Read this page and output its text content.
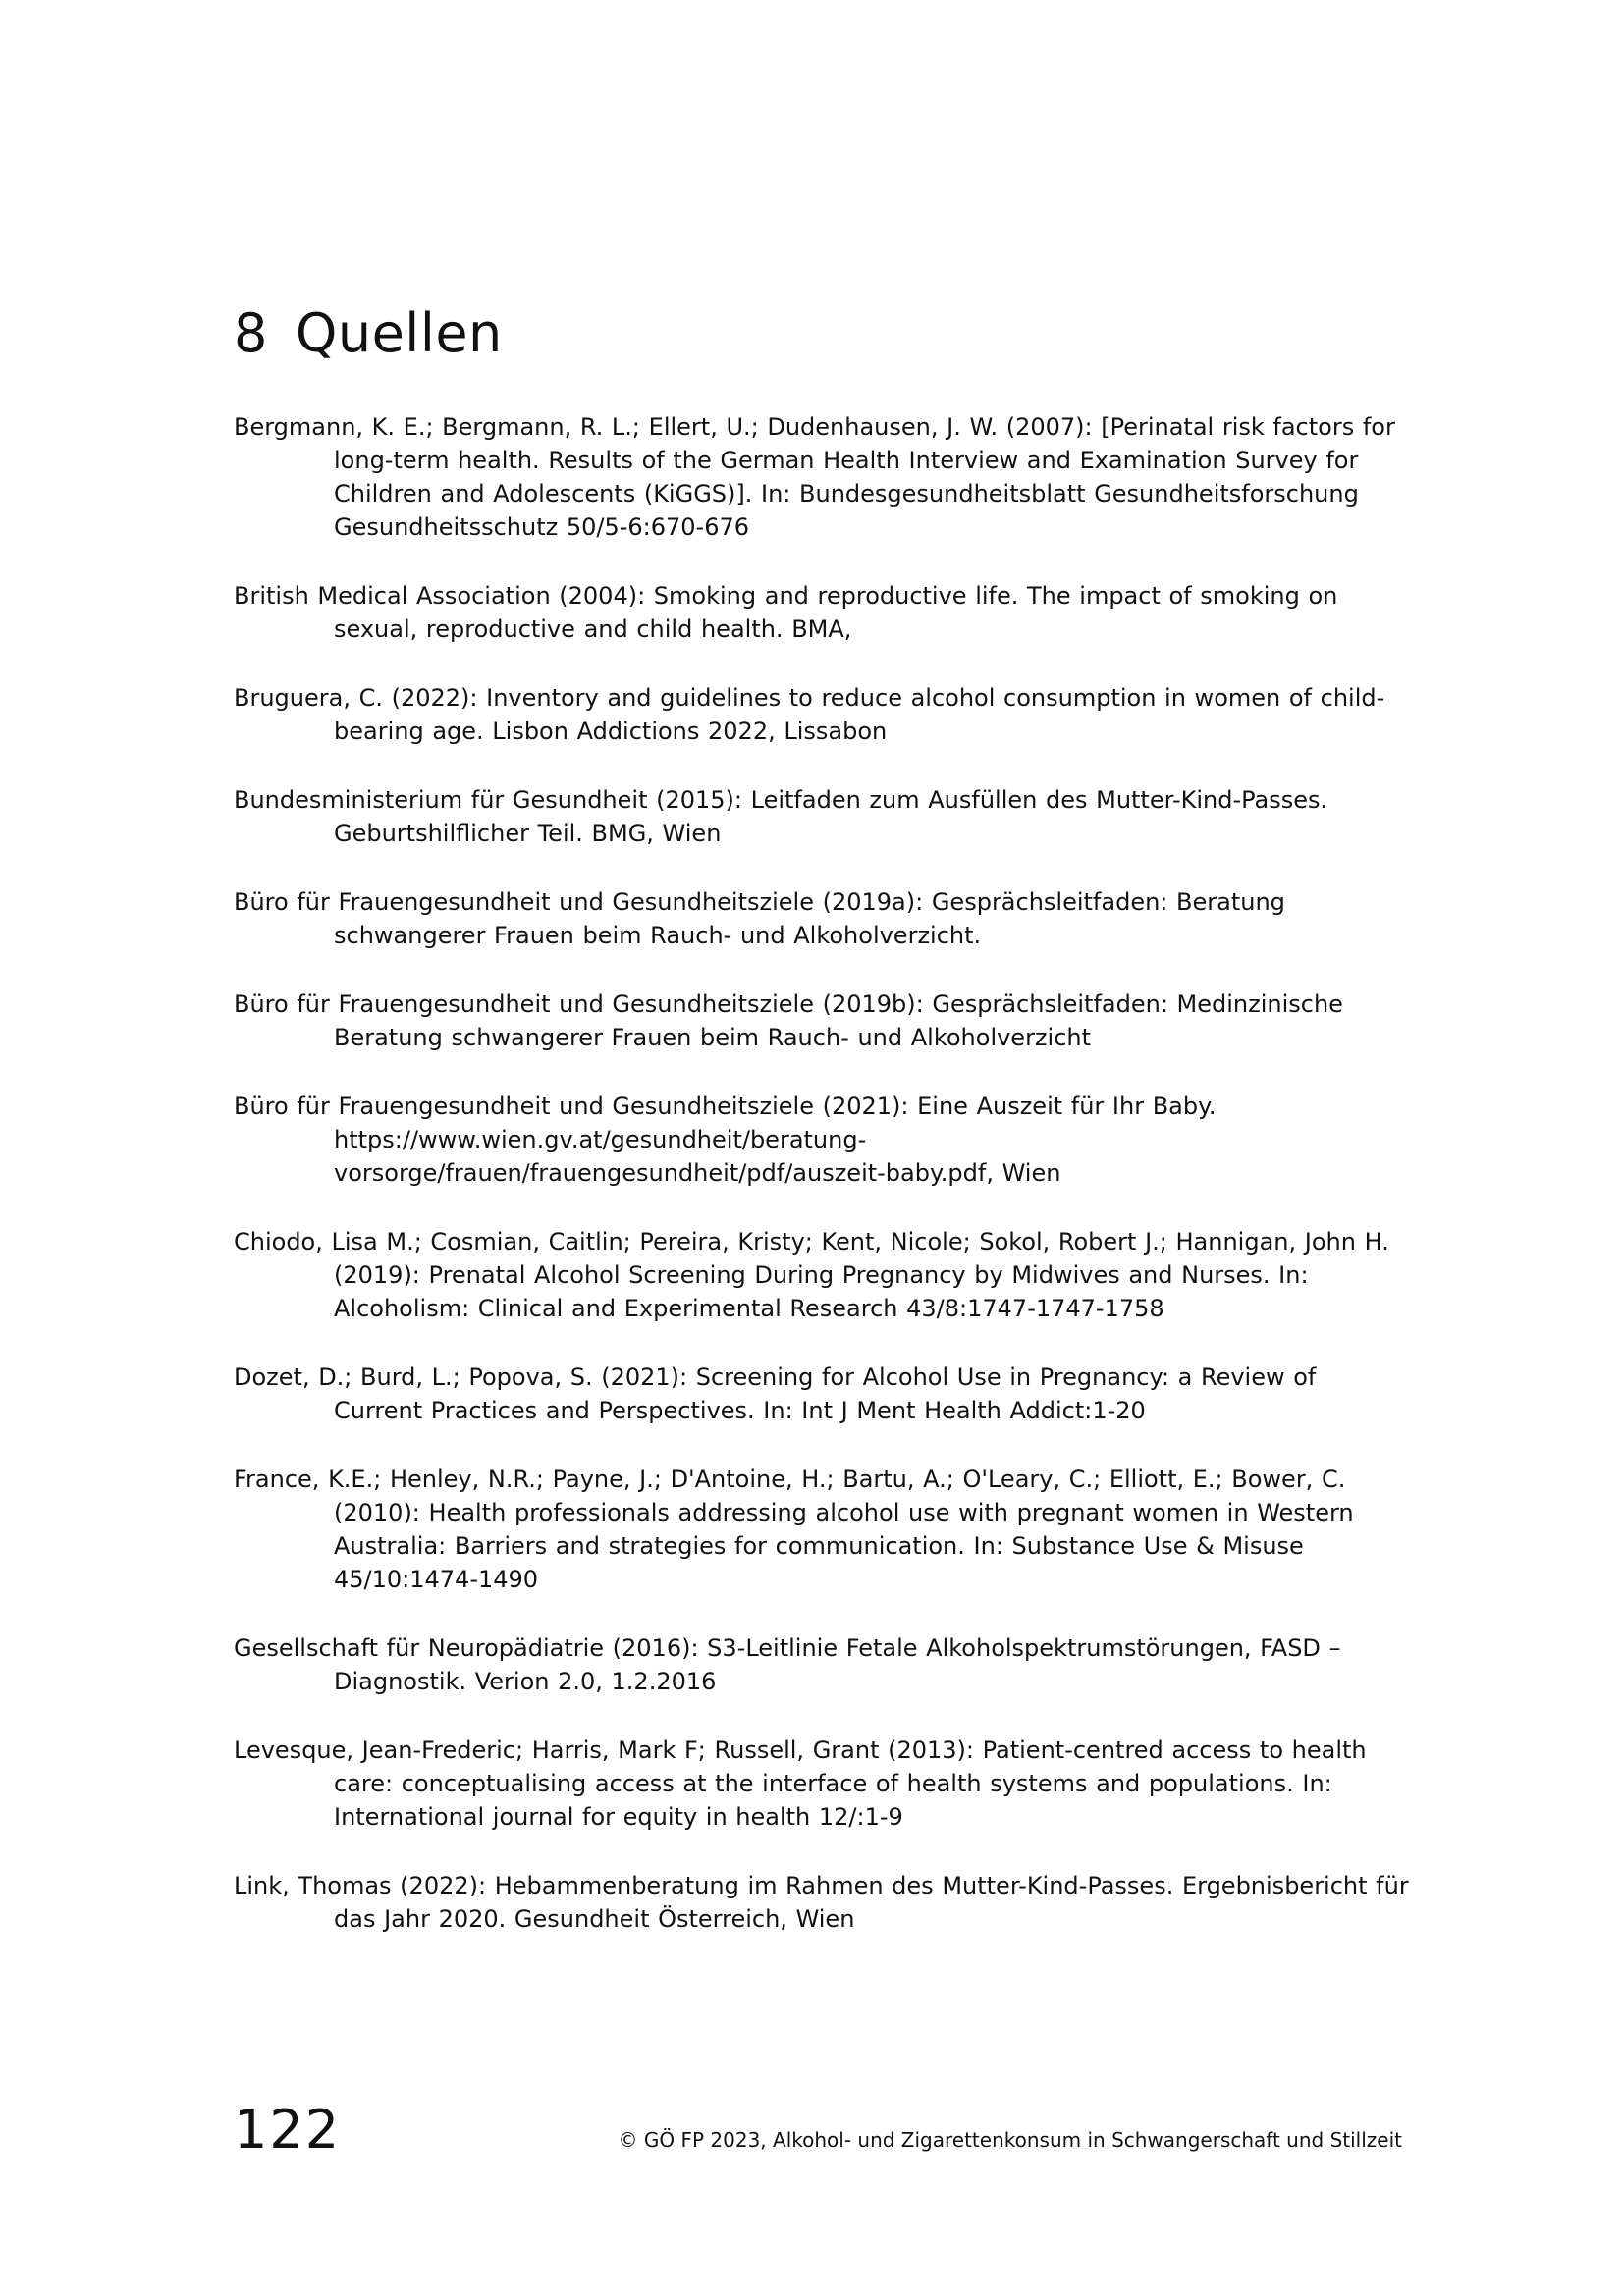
8 Quellen
Bergmann, K. E.; Bergmann, R. L.; Ellert, U.; Dudenhausen, J. W. (2007): [Perinatal risk factors for long-term health. Results of the German Health Interview and Examination Survey for Children and Adolescents (KiGGS)]. In: Bundesgesundheitsblatt Gesundheitsforschung Gesundheitsschutz 50/5-6:670-676
British Medical Association (2004): Smoking and reproductive life. The impact of smoking on sexual, reproductive and child health. BMA,
Bruguera, C. (2022): Inventory and guidelines to reduce alcohol consumption in women of child-bearing age. Lisbon Addictions 2022, Lissabon
Bundesministerium für Gesundheit (2015): Leitfaden zum Ausfüllen des Mutter-Kind-Passes. Geburtshilflicher Teil. BMG, Wien
Büro für Frauengesundheit und Gesundheitsziele (2019a): Gesprächsleitfaden: Beratung schwangerer Frauen beim Rauch- und Alkoholverzicht.
Büro für Frauengesundheit und Gesundheitsziele (2019b): Gesprächsleitfaden: Medinzinische Beratung schwangerer Frauen beim Rauch- und Alkoholverzicht
Büro für Frauengesundheit und Gesundheitsziele (2021): Eine Auszeit für Ihr Baby. https://www.wien.gv.at/gesundheit/beratung-vorsorge/frauen/frauengesundheit/pdf/auszeit-baby.pdf, Wien
Chiodo, Lisa M.; Cosmian, Caitlin; Pereira, Kristy; Kent, Nicole; Sokol, Robert J.; Hannigan, John H. (2019): Prenatal Alcohol Screening During Pregnancy by Midwives and Nurses. In: Alcoholism: Clinical and Experimental Research 43/8:1747-1747-1758
Dozet, D.; Burd, L.; Popova, S. (2021): Screening for Alcohol Use in Pregnancy: a Review of Current Practices and Perspectives. In: Int J Ment Health Addict:1-20
France, K.E.; Henley, N.R.; Payne, J.; D'Antoine, H.; Bartu, A.; O'Leary, C.; Elliott, E.; Bower, C. (2010): Health professionals addressing alcohol use with pregnant women in Western Australia: Barriers and strategies for communication. In: Substance Use & Misuse 45/10:1474-1490
Gesellschaft für Neuropädiatrie (2016): S3-Leitlinie Fetale Alkoholspektrumstörungen, FASD – Diagnostik. Verion 2.0, 1.2.2016
Levesque, Jean-Frederic; Harris, Mark F; Russell, Grant (2013): Patient-centred access to health care: conceptualising access at the interface of health systems and populations. In: International journal for equity in health 12/:1-9
Link, Thomas (2022): Hebammenberatung im Rahmen des Mutter-Kind-Passes. Ergebnisbericht für das Jahr 2020. Gesundheit Österreich, Wien

122	© GÖ FP 2023, Alkohol- und Zigarettenkonsum in Schwangerschaft und Stillzeit
